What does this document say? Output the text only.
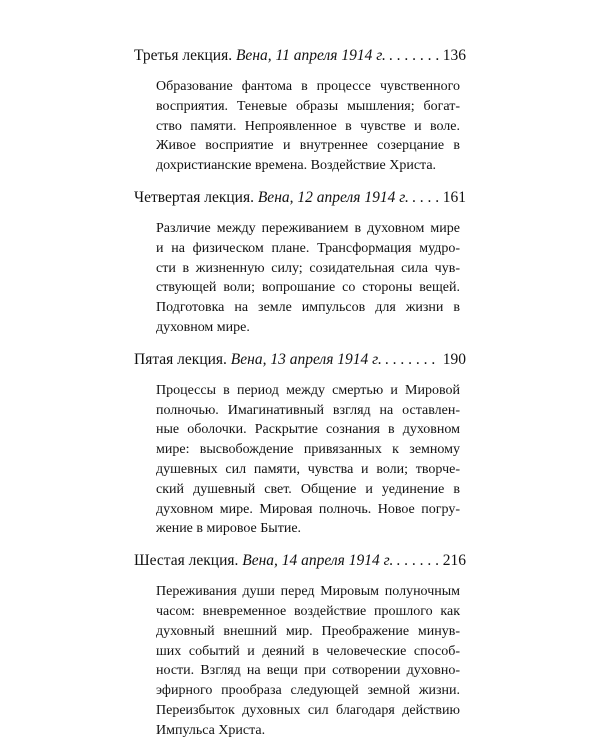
Третья лекция.
Вена, 11 апреля 1914 г. . . .	136
Образование фантома в процессе чувственного
восприятия. Теневые образы мышления; богат-
ство памяти. Непроявленное в чувстве и воле.
Живое восприятие и внутреннее созерцание в
дохристианские времена. Воздействие Христа.
Четвертая лекция.
Вена, 12 апреля 1914 г. . . . 161
Различие между переживанием в духовном мире
и на физическом плане. Трансформация мудро-
сти в жизненную силу; созидательная сила чув-
ствующей воли; вопрошание со стороны вещей.
Подготовка на земле импульсов для жизни в
духовном мире.
Пятая лекция.
Вена, 13 апреля 1914 г. . . .	190
Процессы в период между смертью и Мировой
полночью. Имагинативный взгляд на оставлен-
ные оболочки. Раскрытие сознания в духовном
мире: высвобождение привязанных к земному
душевных сил памяти, чувства и воли; творче-
ский душевный свет. Общение и уединение в
духовном мире. Мировая полночь. Новое погру-
жение в мировое Бытие.
Шестая лекция.
Вена, 14 апреля 1914 г. . . .	216
Переживания души перед Мировым полуночным
часом: вневременное воздействие прошлого как
духовный внешний мир. Преображение минув-
ших событий и деяний в человеческие способ-
ности. Взгляд на вещи при сотворении духовно-
эфирного прообраза следующей земной жизни.
Переизбыток духовных сил благодаря действию
Импульса Христа.
